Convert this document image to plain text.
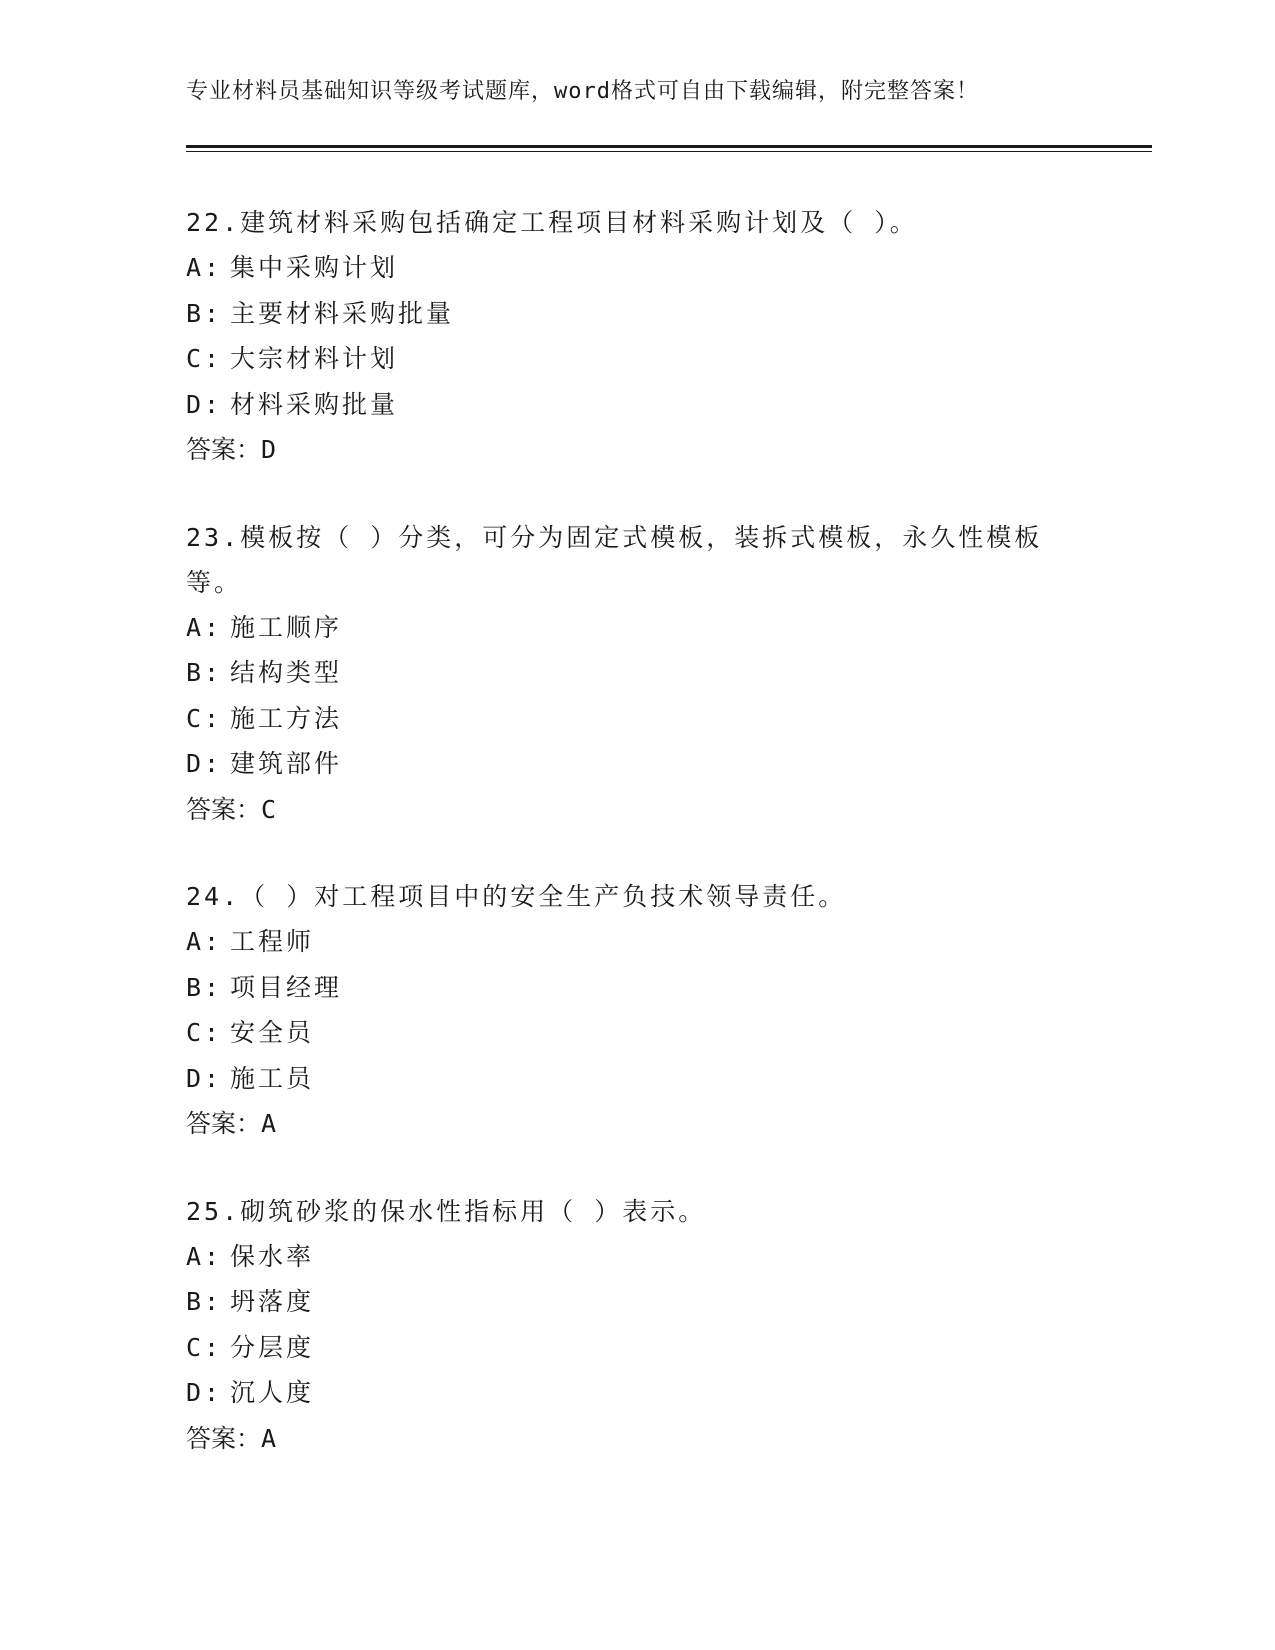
专业材料员基础知识等级考试题库，word格式可自由下载编辑，附完整答案！

22.建筑材料采购包括确定工程项目材料采购计划及（ ）。

A: 集中采购计划
B: 主要材料采购批量
C: 大宗材料计划
D: 材料采购批量
答案：D

23.模板按（ ）分类，可分为固定式模板，装拆式模板，永久性模板等。

A: 施工顺序
B: 结构类型
C: 施工方法
D: 建筑部件
答案：C

24.（ ）对工程项目中的安全生产负技术领导责任。

A: 工程师
B: 项目经理
C: 安全员
D: 施工员
答案：A

25.砌筑砂浆的保水性指标用（ ）表示。

A: 保水率
B: 坍落度
C: 分层度
D: 沉人度
答案：A
